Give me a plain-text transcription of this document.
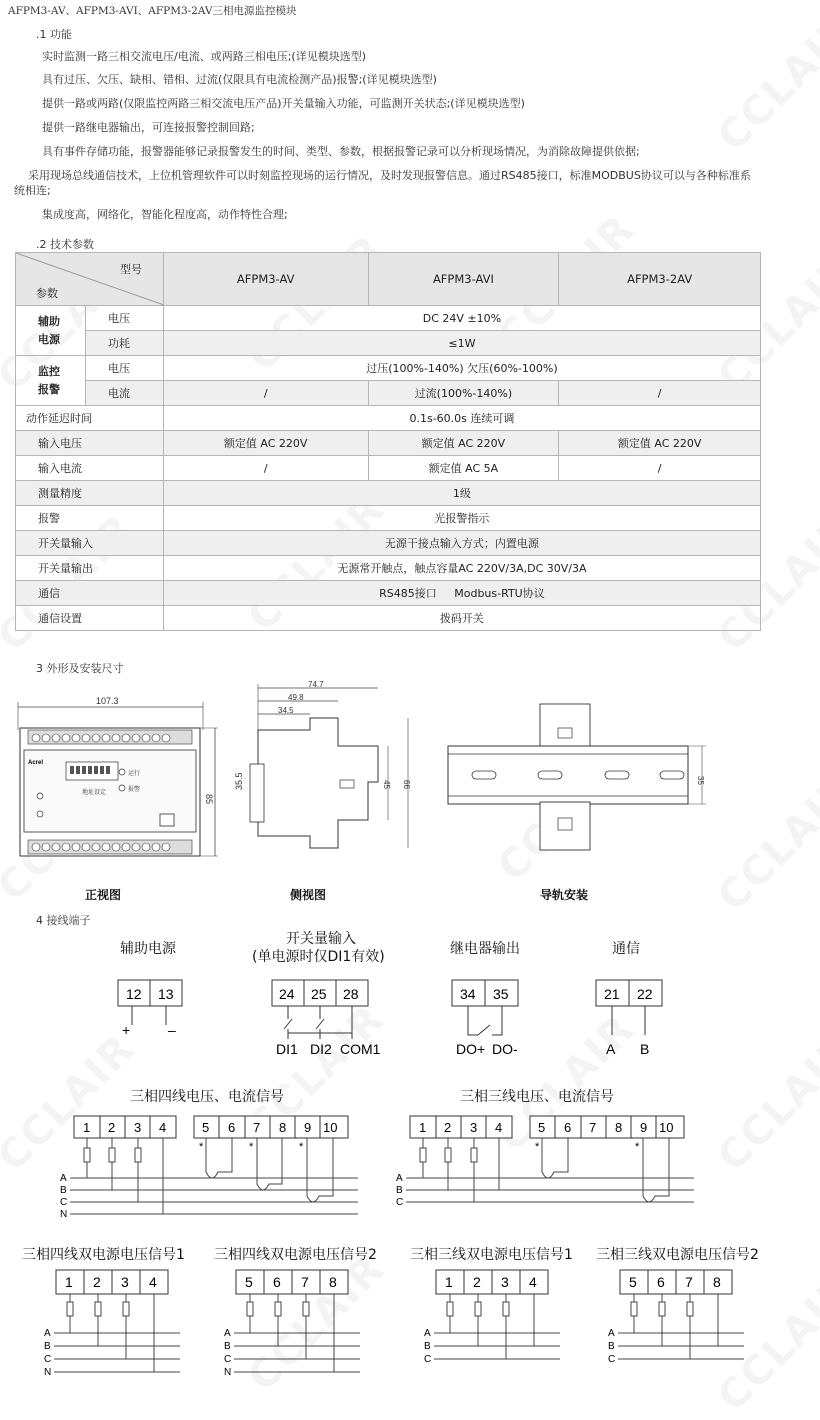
AFPM3-AV、AFPM3-AVI、AFPM3-2AV三相电源监控模块
.1 功能
实时监测一路三相交流电压/电流、或两路三相电压;(详见模块选型)
具有过压、欠压、缺相、错相、过流(仅限具有电流检测产品)报警;(详见模块选型)
提供一路或两路(仅限监控两路三相交流电压产品)开关量输入功能，可监测开关状态;(详见模块选型)
提供一路继电器输出，可连接报警控制回路;
具有事件存储功能，报警器能够记录报警发生的时间、类型、参数，根据报警记录可以分析现场情况，为消除故障提供依据;
采用现场总线通信技术，上位机管理软件可以时刻监控现场的运行情况，及时发现报警信息。通过RS485接口，标准MODBUS协议可以与各种标准系
统相连;
集成度高，网络化，智能化程度高，动作特性合理;
.2 技术参数
型号
参数		AFPM3-AV	AFPM3-AVI	AFPM3-2AV

辅助电源	电压	DC 24V ±10%		
	功耗	≤1W		

监控报警	电压	过压(100%-140%) 欠压(60%-100%)		
	电流	/	过流(100%-140%)	/
动作延迟时间		0.1s-60.0s 连续可调		
输入电压		额定值 AC 220V	额定值 AC 220V	额定值 AC 220V
输入电流		/	额定值 AC 5A	/
测量精度		1级		
报警		光报警指示		
开关量输入		无源干接点输入方式；内置电源		
开关量输出		无源常开触点，触点容量AC 220V/3A,DC 30V/3A		
通信		RS485接口     Modbus-RTU协议		
通信设置		拨码开关		
3 外形及安装尺寸
107.3
Acrel
地址设定
运行
报警
85
正视图
74.7
49.8
34.5
45 66
35.5
侧视图
35
导轨安装
4 接线端子
辅助电源
开关量输入
(单电源时仅DI1有效)	继电器输出	通信
12 13
+	–
24 25 28
DI1 DI2 COM1
34 35
DO+ DO-
21 22
A B
三相四线电压、电流信号	三相三线电压、电流信号
1 2 3 4	5 6 7 8 9 10
A
B
C
N
*	*	*
1 2 3 4	5 6 7 8 9 10
A
B
C
*	*
三相四线双电源电压信号1 三相四线双电源电压信号2 三相三线双电源电压信号1 三相三线双电源电压信号2
1 2 3 4
A
B
C
N
5 6 7 8
A
B
C
N
1 2 3 4
A
B
C
5 6 7 8
A
B
C
